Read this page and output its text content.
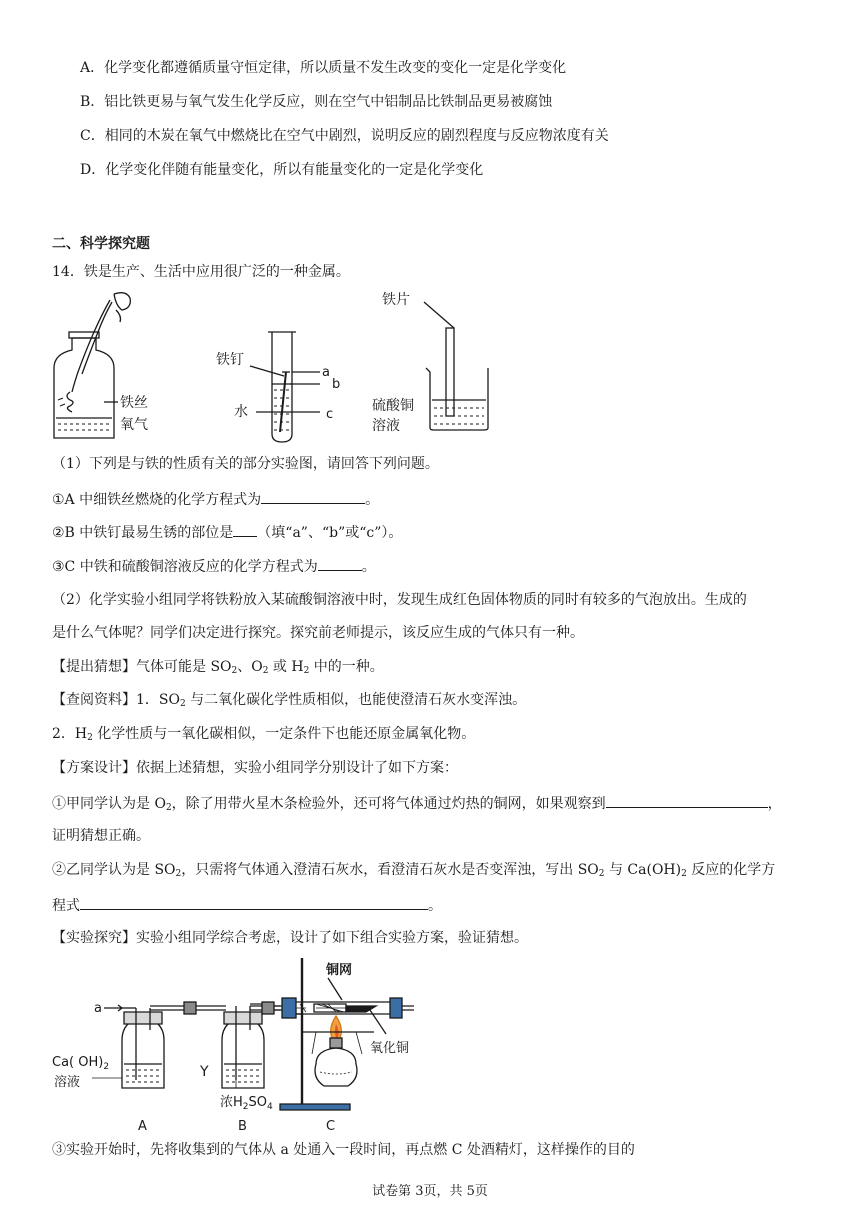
A．化学变化都遵循质量守恒定律，所以质量不发生改变的变化一定是化学变化
B．铝比铁更易与氧气发生化学反应，则在空气中铝制品比铁制品更易被腐蚀
C．相同的木炭在氧气中燃烧比在空气中剧烈，说明反应的剧烈程度与反应物浓度有关
D．化学变化伴随有能量变化，所以有能量变化的一定是化学变化
二、科学探究题
14．铁是生产、生活中应用很广泛的一种金属。
铁丝
氧气
铁钉
a
b
c
水
铁片
硫酸铜
溶液
（1）下列是与铁的性质有关的部分实验图，请回答下列问题。
①A 中细铁丝燃烧的化学方程式为	。
②B 中铁钉最易生锈的部位是 （填“a”、“b”或“c”）。
③C 中铁和硫酸铜溶液反应的化学方程式为	。
（2）化学实验小组同学将铁粉放入某硫酸铜溶液中时，发现生成红色固体物质的同时有较多的气泡放出。生成的
是什么气体呢？同学们决定进行探究。探究前老师提示，该反应生成的气体只有一种。
【提出猜想】气体可能是 $SO_2$、$O_2$ 或 $H_2$ 中的一种。
【查阅资料】1．$SO_2$ 与二氧化碳化学性质相似，也能使澄清石灰水变浑浊。
2．$H_2$ 化学性质与一氧化碳相似，一定条件下也能还原金属氧化物。
【方案设计】依据上述猜想，实验小组同学分别设计了如下方案：
①甲同学认为是 $O_2$，除了用带火星木条检验外，还可将气体通过灼热的铜网，如果观察到	，
证明猜想正确。
②乙同学认为是 $SO_2$，只需将气体通入澄清石灰水，看澄清石灰水是否变浑浊，写出 $SO_2$ 与 $Ca(OH)_2$ 反应的化学方
程式	。
【实验探究】实验小组同学综合考虑，设计了如下组合实验方案，验证猜想。
a
Ca( $OH)_2$
溶液
Y
浓$H_2SO_4$
铜网
氧化铜
A	B	C
③实验开始时，先将收集到的气体从 a 处通入一段时间，再点燃 C 处酒精灯，这样操作的目的
试卷第 3页，共 5页
